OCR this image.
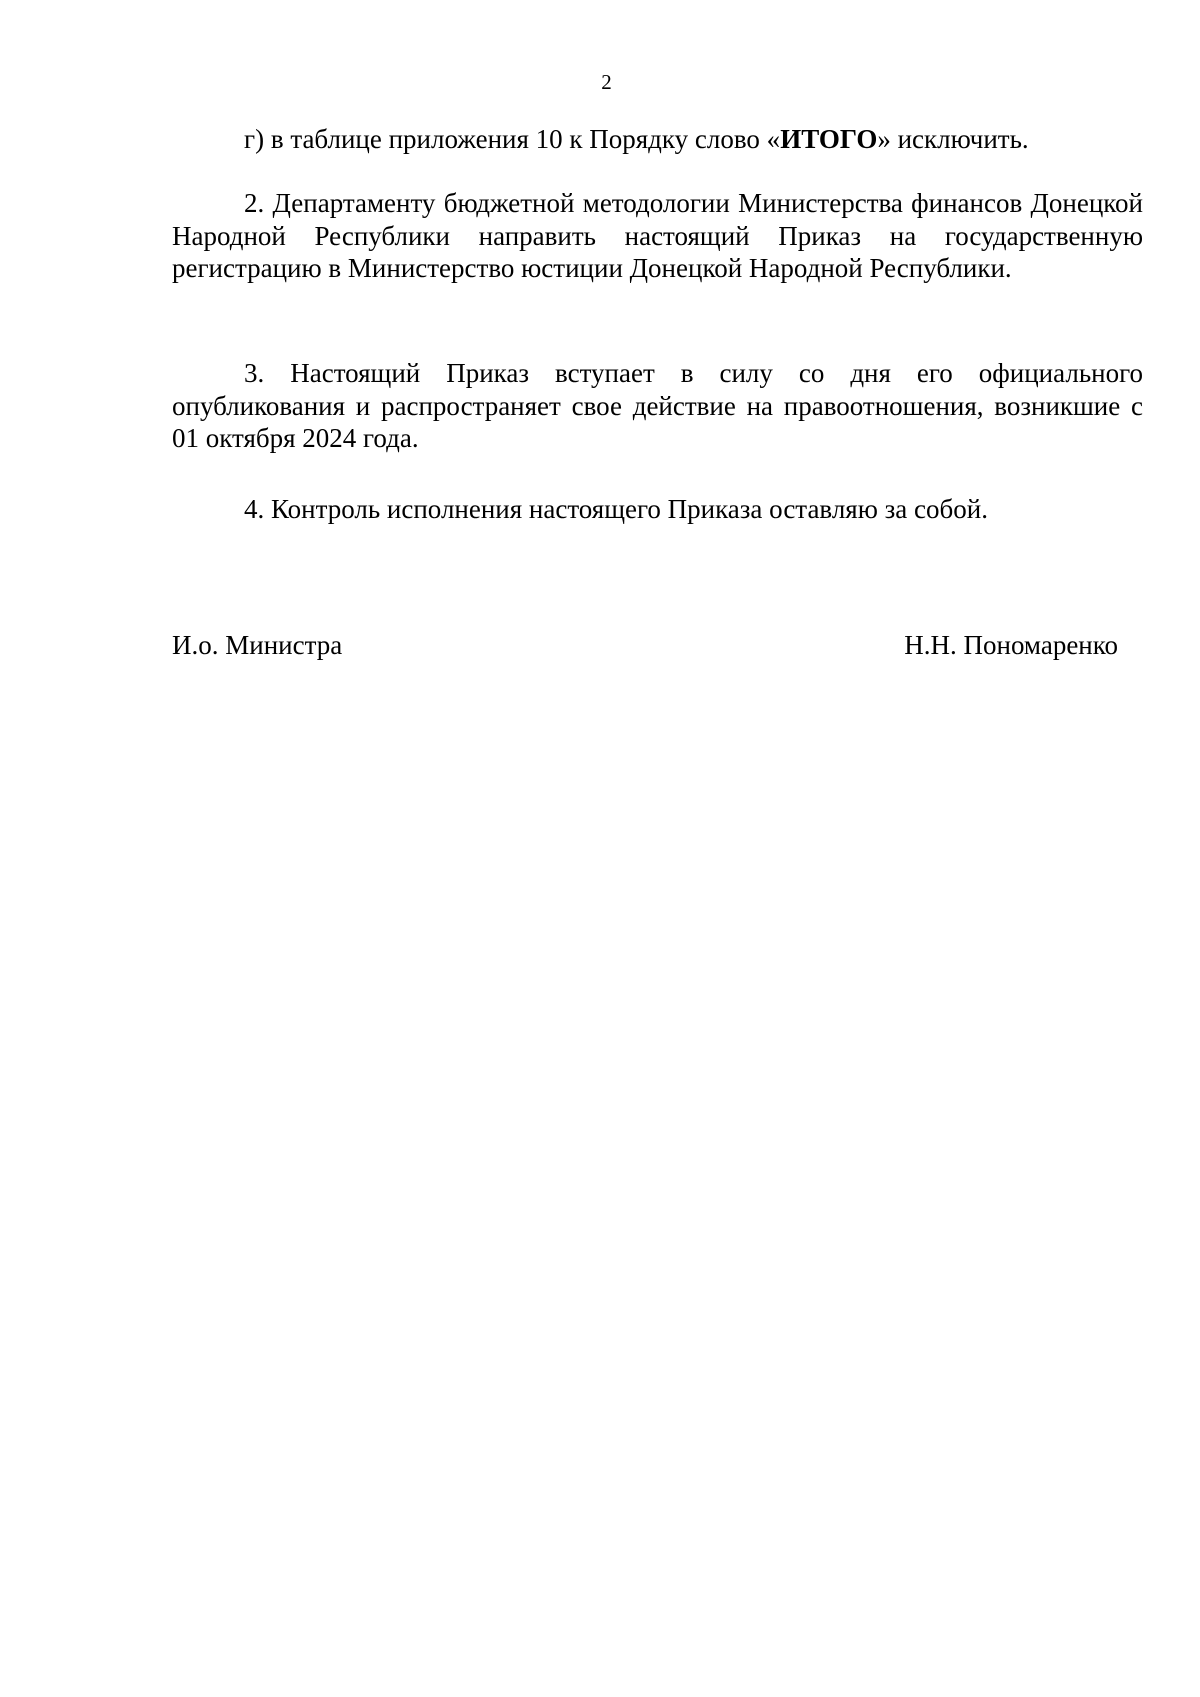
2

г) в таблице приложения 10 к Порядку слово «ИТОГО» исключить.

2. Департаменту бюджетной методологии Министерства финансов Донецкой Народной Республики направить настоящий Приказ на государственную регистрацию в Министерство юстиции Донецкой Народной Республики.

3. Настоящий Приказ вступает в силу со дня его официального опубликования и распространяет свое действие на правоотношения, возникшие с 01 октября 2024 года.

4. Контроль исполнения настоящего Приказа оставляю за собой.

И.о. Министра	Н.Н. Пономаренко
